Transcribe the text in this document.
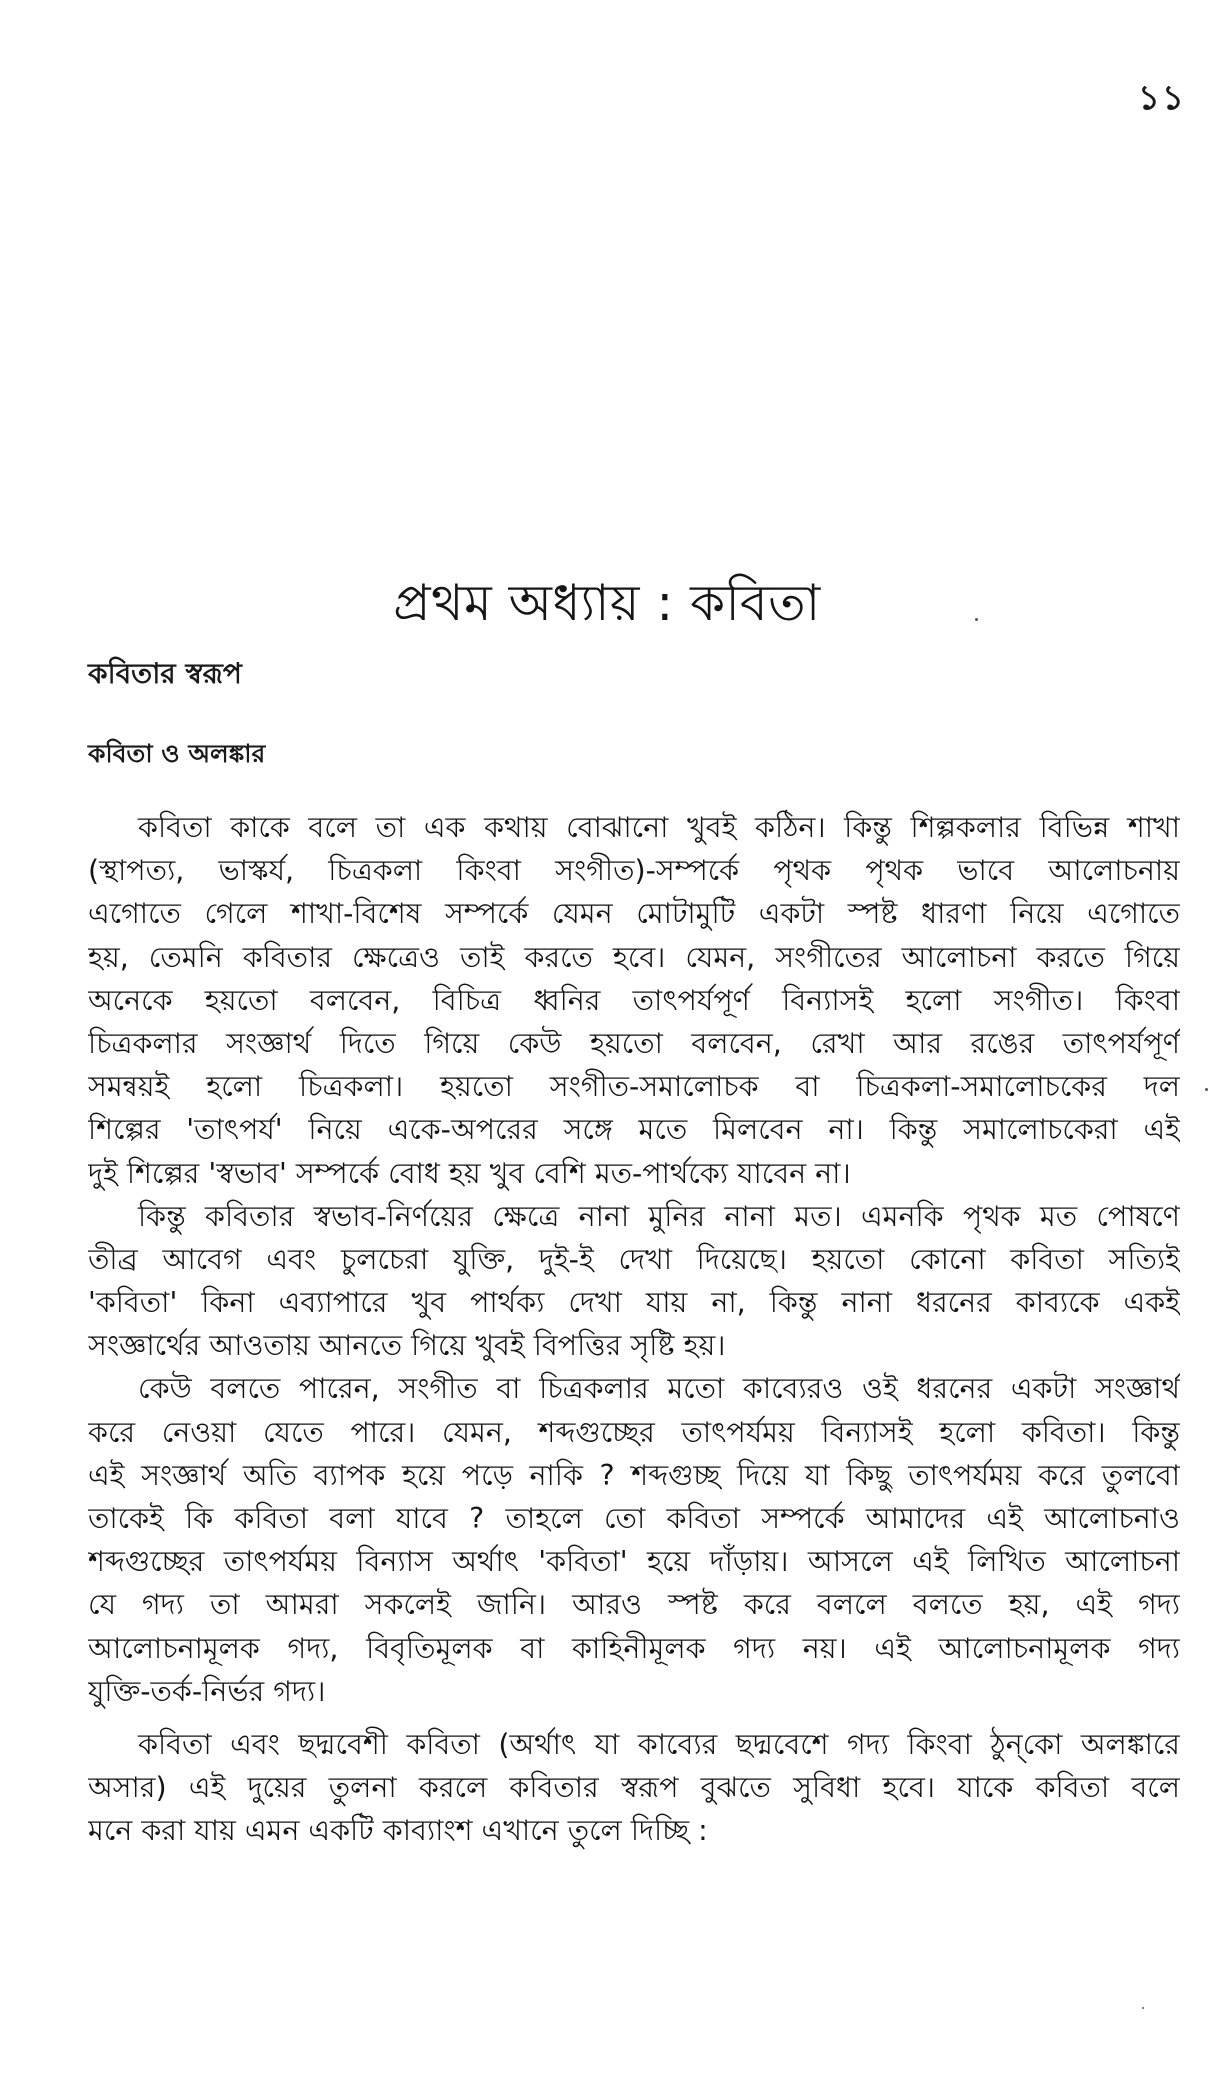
১১
প্রথম অধ্যায় : কবিতা
কবিতার স্বরূপ
কবিতা ও অলঙ্কার
কবিতা কাকে বলে তা এক কথায় বোঝানো খুবই কঠিন। কিন্তু শিল্পকলার বিভিন্ন শাখা
(স্থাপত্য, ভাস্কর্য, চিত্রকলা কিংবা সংগীত)-সম্পর্কে পৃথক পৃথক ভাবে আলোচনায়
এগোতে গেলে শাখা-বিশেষ সম্পর্কে যেমন মোটামুটি একটা স্পষ্ট ধারণা নিয়ে এগোতে
হয়, তেমনি কবিতার ক্ষেত্রেও তাই করতে হবে। যেমন, সংগীতের আলোচনা করতে গিয়ে
অনেকে হয়তো বলবেন, বিচিত্র ধ্বনির তাৎপর্যপূর্ণ বিন্যাসই হলো সংগীত। কিংবা
চিত্রকলার সংজ্ঞার্থ দিতে গিয়ে কেউ হয়তো বলবেন, রেখা আর রঙের তাৎপর্যপূর্ণ
সমন্বয়ই হলো চিত্রকলা। হয়তো সংগীত-সমালোচক বা চিত্রকলা-সমালোচকের দল
শিল্পের 'তাৎপর্য' নিয়ে একে-অপরের সঙ্গে মতে মিলবেন না। কিন্তু সমালোচকেরা এই
দুই শিল্পের 'স্বভাব' সম্পর্কে বোধ হয় খুব বেশি মত-পার্থক্যে যাবেন না।
কিন্তু কবিতার স্বভাব-নির্ণয়ের ক্ষেত্রে নানা মুনির নানা মত। এমনকি পৃথক মত পোষণে
তীব্র আবেগ এবং চুলচেরা যুক্তি, দুই-ই দেখা দিয়েছে। হয়তো কোনো কবিতা সত্যিই
'কবিতা' কিনা এব্যাপারে খুব পার্থক্য দেখা যায় না, কিন্তু নানা ধরনের কাব্যকে একই
সংজ্ঞার্থের আওতায় আনতে গিয়ে খুবই বিপত্তির সৃষ্টি হয়।
কেউ বলতে পারেন, সংগীত বা চিত্রকলার মতো কাব্যেরও ওই ধরনের একটা সংজ্ঞার্থ
করে নেওয়া যেতে পারে। যেমন, শব্দগুচ্ছের তাৎপর্যময় বিন্যাসই হলো কবিতা। কিন্তু
এই সংজ্ঞার্থ অতি ব্যাপক হয়ে পড়ে নাকি ? শব্দগুচ্ছ দিয়ে যা কিছু তাৎপর্যময় করে তুলবো
তাকেই কি কবিতা বলা যাবে ? তাহলে তো কবিতা সম্পর্কে আমাদের এই আলোচনাও
শব্দগুচ্ছের তাৎপর্যময় বিন্যাস অর্থাৎ 'কবিতা' হয়ে দাঁড়ায়। আসলে এই লিখিত আলোচনা
যে গদ্য তা আমরা সকলেই জানি। আরও স্পষ্ট করে বললে বলতে হয়, এই গদ্য
আলোচনামূলক গদ্য, বিবৃতিমূলক বা কাহিনীমূলক গদ্য নয়। এই আলোচনামূলক গদ্য
যুক্তি-তর্ক-নির্ভর গদ্য।
কবিতা এবং ছদ্মবেশী কবিতা (অর্থাৎ যা কাব্যের ছদ্মবেশে গদ্য কিংবা ঠুন্‌কো অলঙ্কারে
অসার) এই দুয়ের তুলনা করলে কবিতার স্বরূপ বুঝতে সুবিধা হবে। যাকে কবিতা বলে
মনে করা যায় এমন একটি কাব্যাংশ এখানে তুলে দিচ্ছি :
